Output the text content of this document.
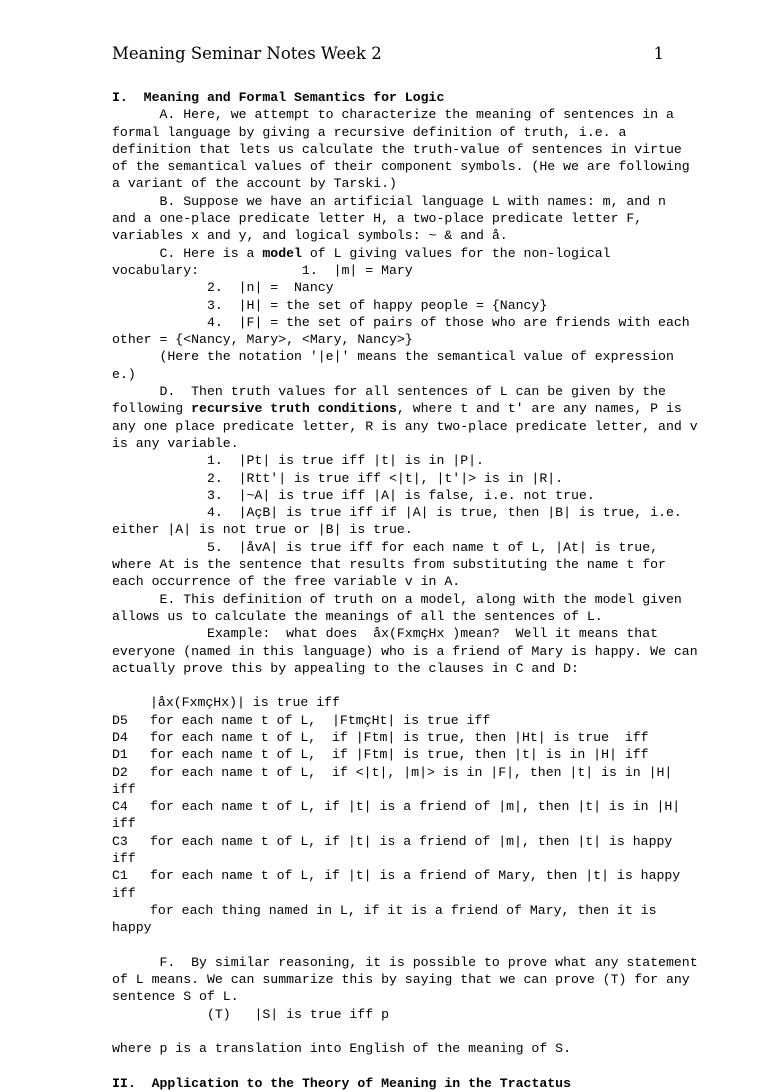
Meaning Seminar Notes Week 2	1
I.  Meaning and Formal Semantics for Logic
A. Here, we attempt to characterize the meaning of sentences in a
formal language by giving a recursive definition of truth, i.e. a
definition that lets us calculate the truth-value of sentences in virtue
of the semantical values of their component symbols. (He we are following
a variant of the account by Tarski.)
B. Suppose we have an artificial language L with names: m, and n
and a one-place predicate letter H, a two-place predicate letter F,
variables x and y, and logical symbols: ~ & and å.
C. Here is a model of L giving values for the non-logical
vocabulary:             1.  |m| = Mary
2.  |n| =  Nancy
3.  |H| = the set of happy people = {Nancy}
4.  |F| = the set of pairs of those who are friends with each
other = {<Nancy, Mary>, <Mary, Nancy>}
(Here the notation '|e|' means the semantical value of expression
e.)
D.  Then truth values for all sentences of L can be given by the
following recursive truth conditions, where t and t' are any names, P is
any one place predicate letter, R is any two-place predicate letter, and v
is any variable.
1.  |Pt| is true iff |t| is in |P|.
2.  |Rtt'| is true iff <|t|, |t'|> is in |R|.
3.  |~A| is true iff |A| is false, i.e. not true.
4.  |AçB| is true iff if |A| is true, then |B| is true, i.e.
either |A| is not true or |B| is true.
5.  |åvA| is true iff for each name t of L, |At| is true,
where At is the sentence that results from substituting the name t for
each occurrence of the free variable v in A.
E. This definition of truth on a model, along with the model given
allows us to calculate the meanings of all the sentences of L.
Example:  what does  åx(FxmçHx )mean?  Well it means that
everyone (named in this language) who is a friend of Mary is happy. We can
actually prove this by appealing to the clauses in C and D:
|åx(FxmçHx)| is true iff
D5 for each name t of L,  |FtmçHt| is true iff
D4 for each name t of L,  if |Ftm| is true, then |Ht| is true  iff
D1 for each name t of L,  if |Ftm| is true, then |t| is in |H| iff
D2 for each name t of L,  if <|t|, |m|> is in |F|, then |t| is in |H|
iff
C4 for each name t of L, if |t| is a friend of |m|, then |t| is in |H|
iff
C3 for each name t of L, if |t| is a friend of |m|, then |t| is happy
iff
C1 for each name t of L, if |t| is a friend of Mary, then |t| is happy
iff
for each thing named in L, if it is a friend of Mary, then it is
happy
F.  By similar reasoning, it is possible to prove what any statement
of L means. We can summarize this by saying that we can prove (T) for any
sentence S of L.
(T)   |S| is true iff p
where p is a translation into English of the meaning of S.
II.  Application to the Theory of Meaning in the Tractatus
